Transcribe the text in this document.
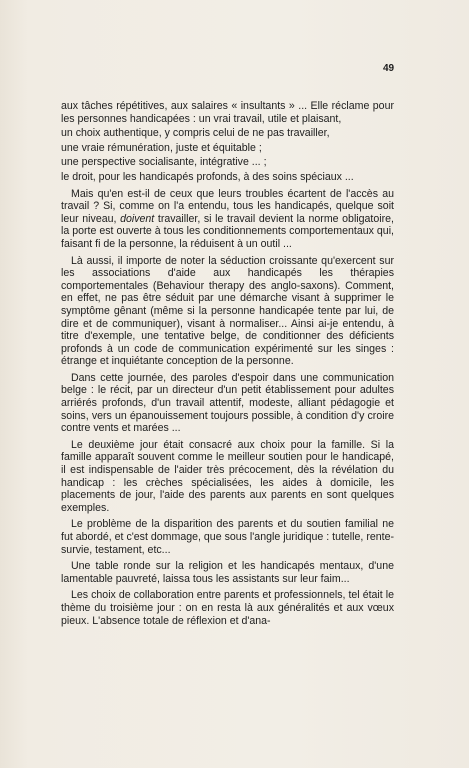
49

aux tâches répétitives, aux salaires « insultants » ... Elle réclame pour les personnes handicapées : un vrai travail, utile et plaisant,

un choix authentique, y compris celui de ne pas travailler,

une vraie rémunération, juste et équitable ;

une perspective socialisante, intégrative ... ;

le droit, pour les handicapés profonds, à des soins spéciaux ...

Mais qu'en est-il de ceux que leurs troubles écartent de l'accès au travail ? Si, comme on l'a entendu, tous les handicapés, quelque soit leur niveau, doivent travailler, si le travail devient la norme obligatoire, la porte est ouverte à tous les conditionnements comportementaux qui, faisant fi de la personne, la réduisent à un outil ...

Là aussi, il importe de noter la séduction croissante qu'exercent sur les associations d'aide aux handicapés les thérapies comportementales (Behaviour therapy des anglo-saxons). Comment, en effet, ne pas être séduit par une démarche visant à supprimer le symptôme gênant (même si la personne handicapée tente par lui, de dire et de communiquer), visant à normaliser... Ainsi ai-je entendu, à titre d'exemple, une tentative belge, de conditionner des déficients profonds à un code de communication expérimenté sur les singes : étrange et inquiétante conception de la personne.

Dans cette journée, des paroles d'espoir dans une communication belge : le récit, par un directeur d'un petit établissement pour adultes arriérés profonds, d'un travail attentif, modeste, alliant pédagogie et soins, vers un épanouissement toujours possible, à condition d'y croire contre vents et marées ...

Le deuxième jour était consacré aux choix pour la famille. Si la famille apparaît souvent comme le meilleur soutien pour le handicapé, il est indispensable de l'aider très précocement, dès la révélation du handicap : les crèches spécialisées, les aides à domicile, les placements de jour, l'aide des parents aux parents en sont quelques exemples.

Le problème de la disparition des parents et du soutien familial ne fut abordé, et c'est dommage, que sous l'angle juridique : tutelle, rente-survie, testament, etc...

Une table ronde sur la religion et les handicapés mentaux, d'une lamentable pauvreté, laissa tous les assistants sur leur faim...

Les choix de collaboration entre parents et professionnels, tel était le thème du troisième jour : on en resta là aux généralités et aux vœux pieux. L'absence totale de réflexion et d'ana-
